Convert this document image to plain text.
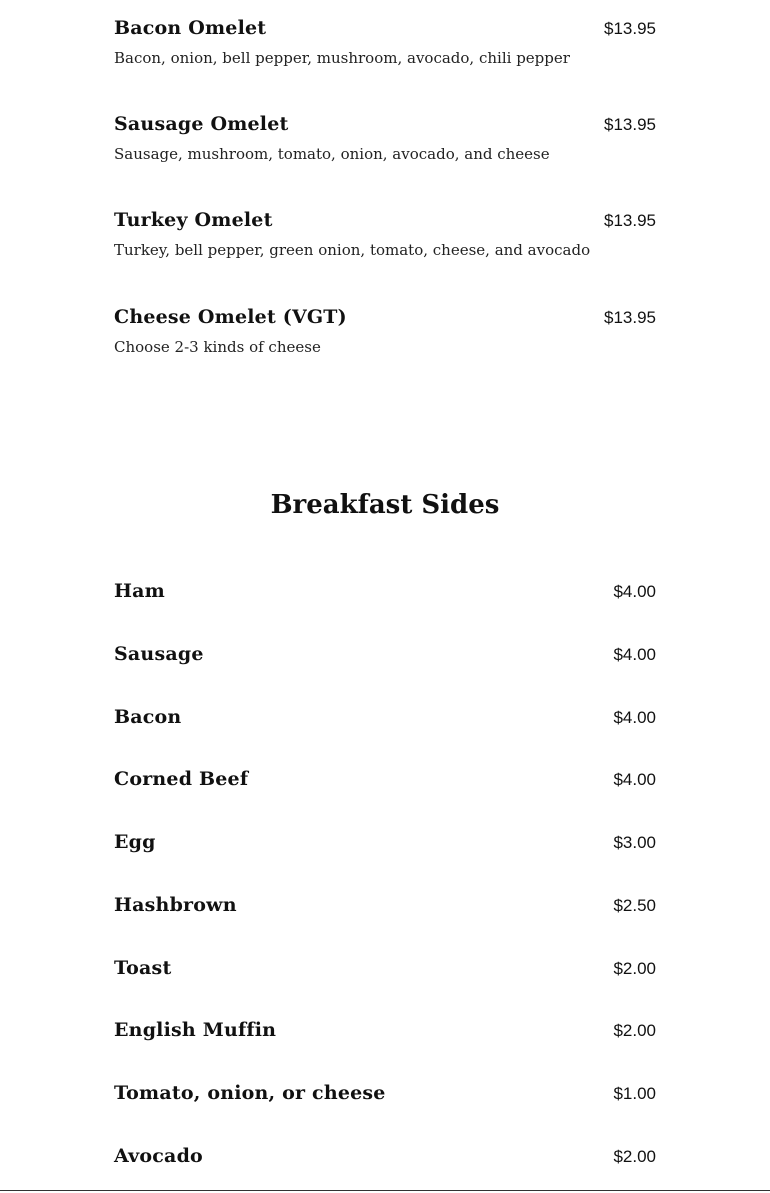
Bacon Omelet	$13.95
Bacon, onion, bell pepper, mushroom, avocado, chili pepper
Sausage Omelet	$13.95
Sausage, mushroom, tomato, onion, avocado, and cheese
Turkey Omelet	$13.95
Turkey, bell pepper, green onion, tomato, cheese, and avocado
Cheese Omelet (VGT)	$13.95
Choose 2-3 kinds of cheese
Breakfast Sides
Ham	$4.00
Sausage	$4.00
Bacon	$4.00
Corned Beef	$4.00
Egg	$3.00
Hashbrown	$2.50
Toast	$2.00
English Muffin	$2.00
Tomato, onion, or cheese	$1.00
Avocado	$2.00
